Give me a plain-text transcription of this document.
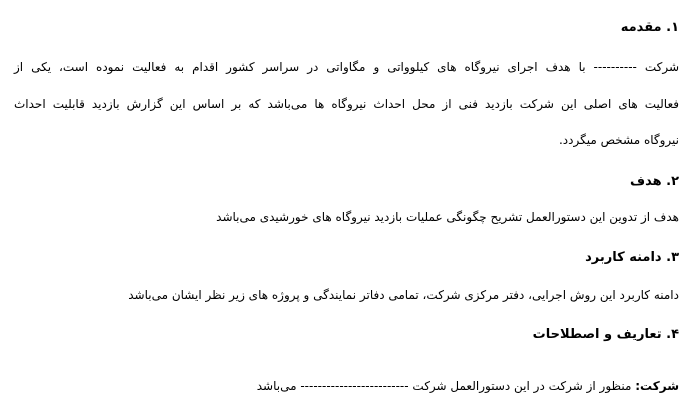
۱. مقدمه
شرکت ---------- با هدف اجرای نیروگاه های کیلوواتی و مگاواتی در سراسر کشور اقدام به فعالیت نموده است، یکی از
فعالیت های اصلی این شرکت بازدید فنی از محل احداث نیروگاه ها می‌باشد که بر اساس این گزارش بازدید قابلیت احداث
نیروگاه مشخص میگردد.
۲. هدف
هدف از تدوین این دستورالعمل تشریح چگونگی عملیات بازدید نیروگاه های خورشیدی می‌باشد
۳. دامنه کاربرد
دامنه کاربرد این روش اجرایی، دفتر مرکزی شرکت، تمامی دفاتر نمایندگی و پروژه های زیر نظر ایشان می‌باشد
۴. تعاریف و اصطلاحات
شرکت: منظور از شرکت در این دستورالعمل شرکت ------------------------- می‌باشد
